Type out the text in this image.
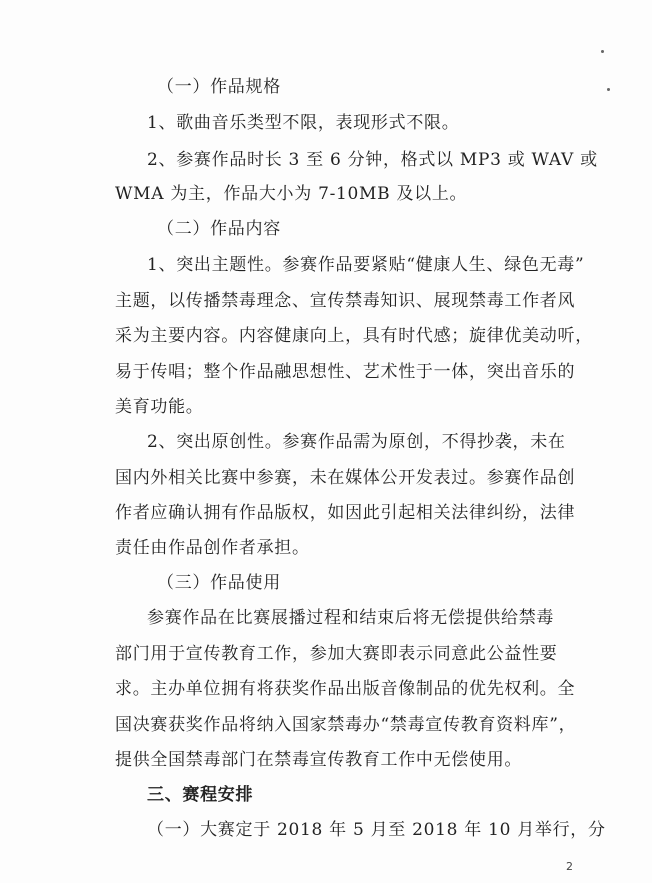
（一）作品规格
1、歌曲音乐类型不限，表现形式不限。
2、参赛作品时长 3 至 6 分钟，格式以 MP3 或 WAV 或
WMA 为主，作品大小为 7-10MB 及以上。
（二）作品内容
1、突出主题性。参赛作品要紧贴“健康人生、绿色无毒”
主题，以传播禁毒理念、宣传禁毒知识、展现禁毒工作者风
采为主要内容。内容健康向上，具有时代感；旋律优美动听，
易于传唱；整个作品融思想性、艺术性于一体，突出音乐的
美育功能。
2、突出原创性。参赛作品需为原创，不得抄袭，未在
国内外相关比赛中参赛，未在媒体公开发表过。参赛作品创
作者应确认拥有作品版权，如因此引起相关法律纠纷，法律
责任由作品创作者承担。
（三）作品使用
参赛作品在比赛展播过程和结束后将无偿提供给禁毒
部门用于宣传教育工作，参加大赛即表示同意此公益性要
求。主办单位拥有将获奖作品出版音像制品的优先权利。全
国决赛获奖作品将纳入国家禁毒办“禁毒宣传教育资料库”，
提供全国禁毒部门在禁毒宣传教育工作中无偿使用。
三、赛程安排
（一）大赛定于 2018 年 5 月至 2018 年 10 月举行，分
2
